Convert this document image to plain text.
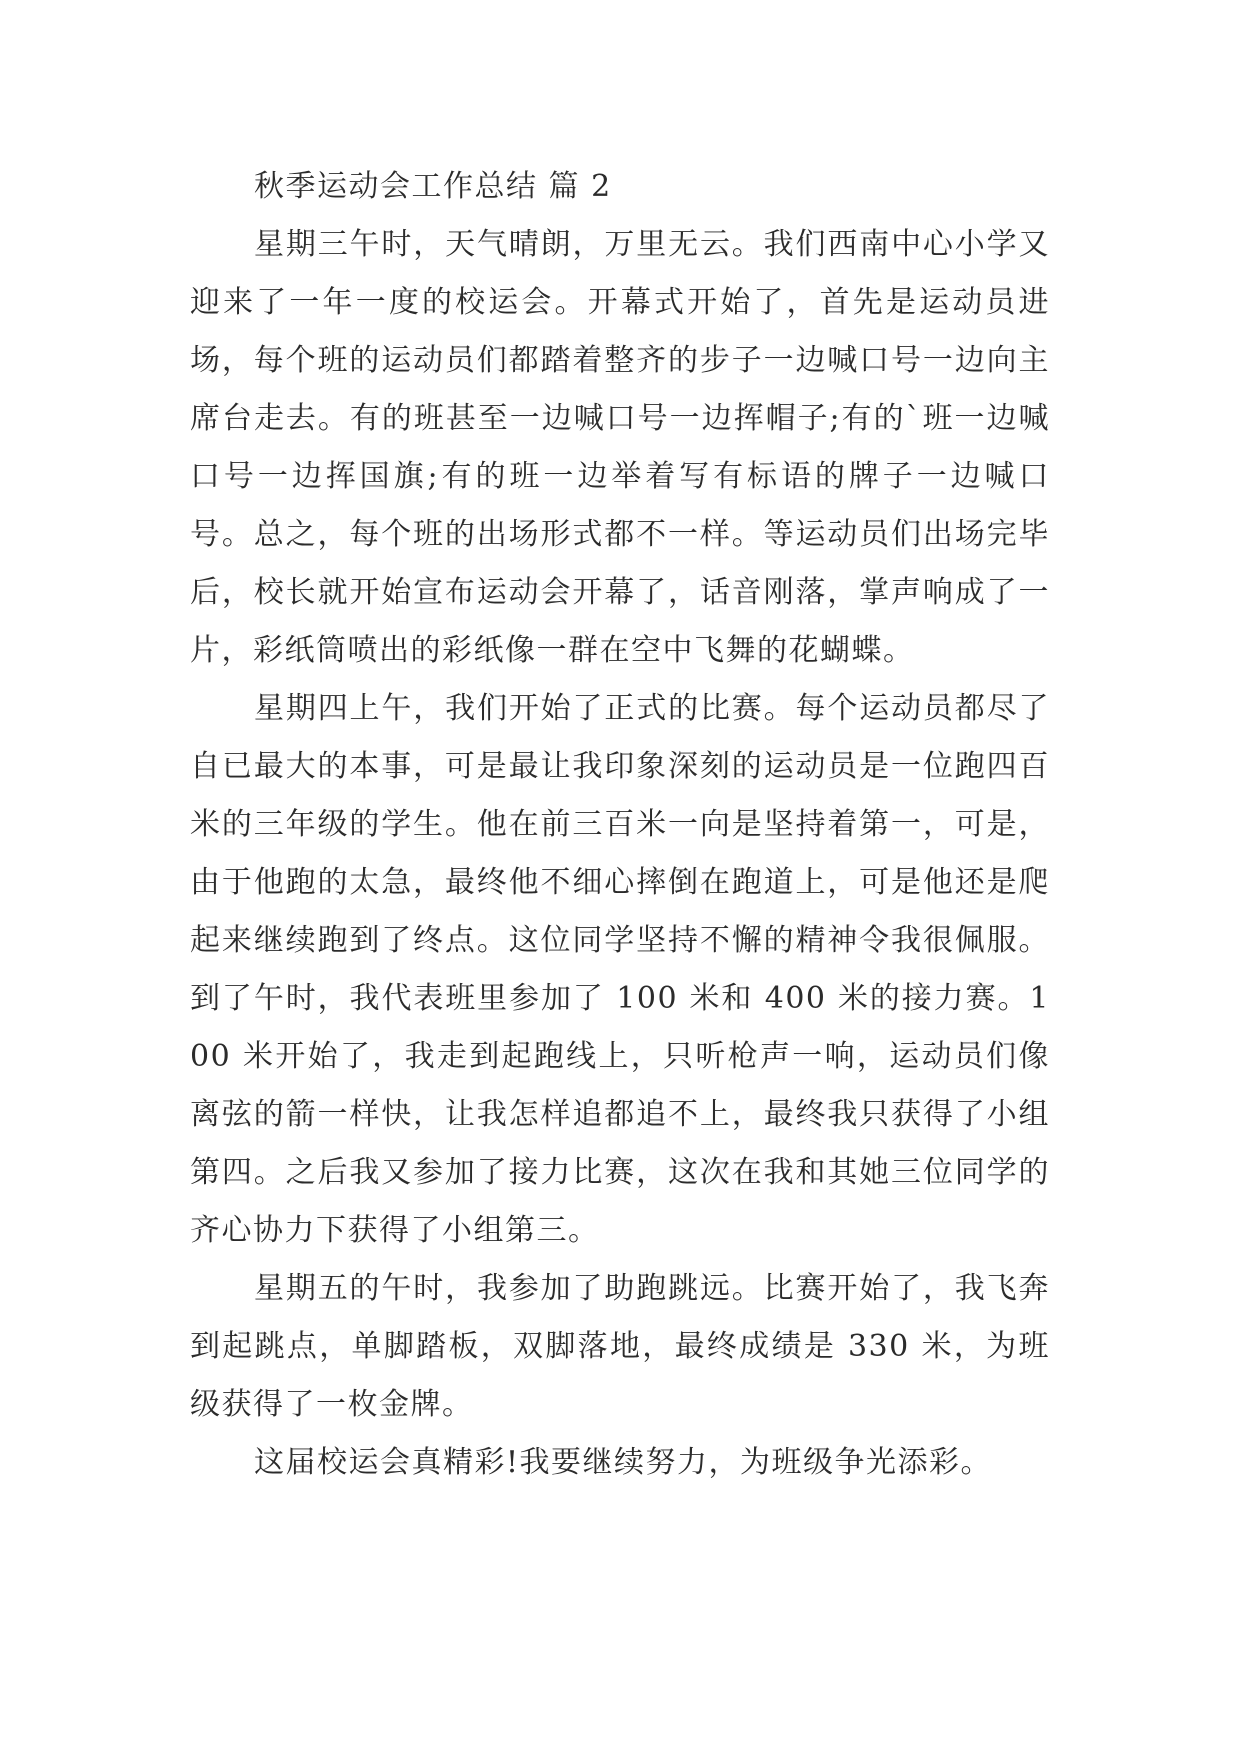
秋季运动会工作总结 篇 2

星期三午时，天气晴朗，万里无云。我们西南中心小学又迎来了一年一度的校运会。开幕式开始了，首先是运动员进场，每个班的运动员们都踏着整齐的步子一边喊口号一边向主席台走去。有的班甚至一边喊口号一边挥帽子;有的`班一边喊口号一边挥国旗;有的班一边举着写有标语的牌子一边喊口号。总之，每个班的出场形式都不一样。等运动员们出场完毕后，校长就开始宣布运动会开幕了，话音刚落，掌声响成了一片，彩纸筒喷出的彩纸像一群在空中飞舞的花蝴蝶。

星期四上午，我们开始了正式的比赛。每个运动员都尽了自已最大的本事，可是最让我印象深刻的运动员是一位跑四百米的三年级的学生。他在前三百米一向是坚持着第一，可是，由于他跑的太急，最终他不细心摔倒在跑道上，可是他还是爬起来继续跑到了终点。这位同学坚持不懈的精神令我很佩服。到了午时，我代表班里参加了 100 米和 400 米的接力赛。100 米开始了，我走到起跑线上，只听枪声一响，运动员们像离弦的箭一样快，让我怎样追都追不上，最终我只获得了小组第四。之后我又参加了接力比赛，这次在我和其她三位同学的齐心协力下获得了小组第三。

星期五的午时，我参加了助跑跳远。比赛开始了，我飞奔到起跳点，单脚踏板，双脚落地，最终成绩是 330 米，为班级获得了一枚金牌。

这届校运会真精彩!我要继续努力，为班级争光添彩。
